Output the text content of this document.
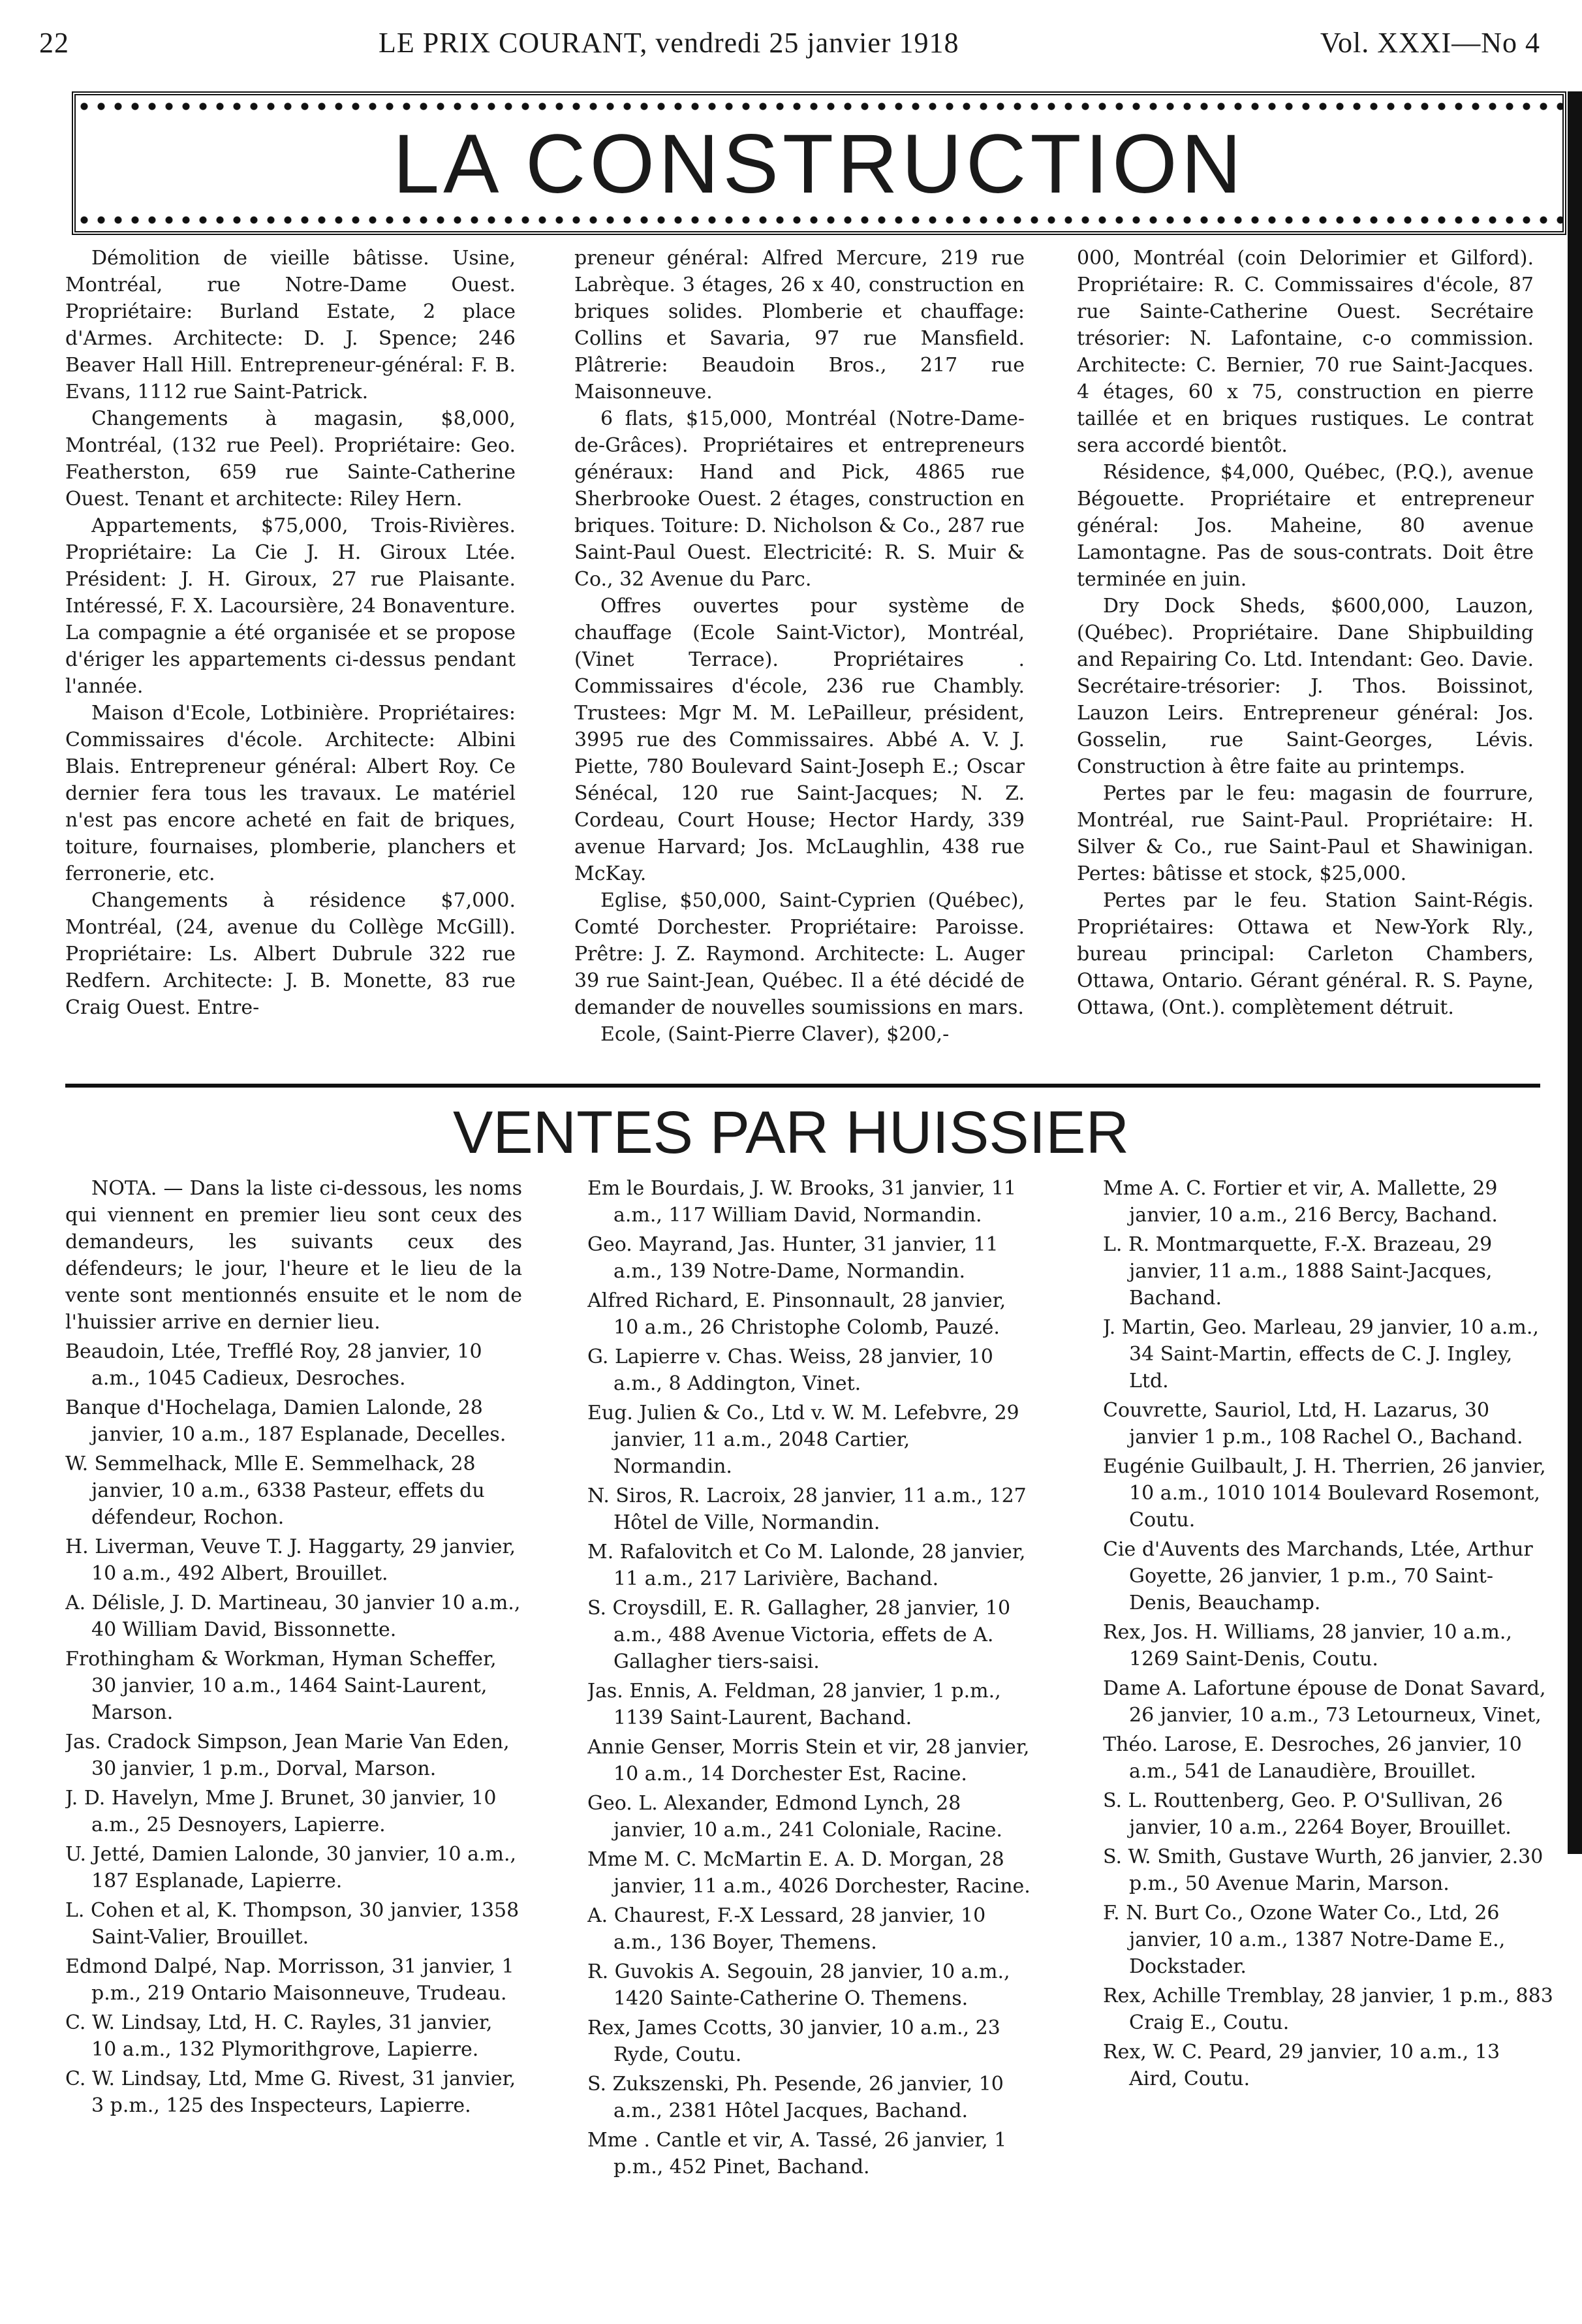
22	LE PRIX COURANT, vendredi 25 janvier 1918	Vol. XXXI—No 4
LA CONSTRUCTION

Démolition de vieille bâtisse. Usine, Montréal, rue Notre-Dame Ouest. Propriétaire: Burland Estate, 2 place d'Armes. Architecte: D. J. Spence; 246 Beaver Hall Hill. Entrepreneur-général: F. B. Evans, 1112 rue Saint-Patrick.

Changements à magasin, $8,000, Montréal, (132 rue Peel). Propriétaire: Geo. Featherston, 659 rue Sainte-Catherine Ouest. Tenant et architecte: Riley Hern.

Appartements, $75,000, Trois-Rivières. Propriétaire: La Cie J. H. Giroux Ltée. Président: J. H. Giroux, 27 rue Plaisante. Intéressé, F. X. Lacoursière, 24 Bonaventure. La compagnie a été organisée et se propose d'ériger les appartements ci-dessus pendant l'année.

Maison d'Ecole, Lotbinière. Propriétaires: Commissaires d'école. Architecte: Albini Blais. Entrepreneur général: Albert Roy. Ce dernier fera tous les travaux. Le matériel n'est pas encore acheté en fait de briques, toiture, fournaises, plomberie, planchers et ferronerie, etc.

Changements à résidence $7,000. Montréal, (24, avenue du Collège McGill). Propriétaire: Ls. Albert Dubrule 322 rue Redfern. Architecte: J. B. Monette, 83 rue Craig Ouest. Entre-

preneur général: Alfred Mercure, 219 rue Labrèque. 3 étages, 26 x 40, construction en briques solides. Plomberie et chauffage: Collins et Savaria, 97 rue Mansfield. Plâtrerie: Beaudoin Bros., 217 rue Maisonneuve.

6 flats, $15,000, Montréal (Notre-Dame-de-Grâces). Propriétaires et entrepreneurs généraux: Hand and Pick, 4865 rue Sherbrooke Ouest. 2 étages, construction en briques. Toiture: D. Nicholson & Co., 287 rue Saint-Paul Ouest. Electricité: R. S. Muir & Co., 32 Avenue du Parc.

Offres ouvertes pour système de chauffage (Ecole Saint-Victor), Montréal, (Vinet Terrace). Propriétaires . Commissaires d'école, 236 rue Chambly. Trustees: Mgr M. M. LePailleur, président, 3995 rue des Commissaires. Abbé A. V. J. Piette, 780 Boulevard Saint-Joseph E.; Oscar Sénécal, 120 rue Saint-Jacques; N. Z. Cordeau, Court House; Hector Hardy, 339 avenue Harvard; Jos. McLaughlin, 438 rue McKay.

Eglise, $50,000, Saint-Cyprien (Québec), Comté Dorchester. Propriétaire: Paroisse. Prêtre: J. Z. Raymond. Architecte: L. Auger 39 rue Saint-Jean, Québec. Il a été décidé de demander de nouvelles soumissions en mars.

Ecole, (Saint-Pierre Claver), $200,-

000, Montréal (coin Delorimier et Gilford). Propriétaire: R. C. Commissaires d'école, 87 rue Sainte-Catherine Ouest. Secrétaire trésorier: N. Lafontaine, c-o commission. Architecte: C. Bernier, 70 rue Saint-Jacques. 4 étages, 60 x 75, construction en pierre taillée et en briques rustiques. Le contrat sera accordé bientôt.

Résidence, $4,000, Québec, (P.Q.), avenue Bégouette. Propriétaire et entrepreneur général: Jos. Maheine, 80 avenue Lamontagne. Pas de sous-contrats. Doit être terminée en juin.

Dry Dock Sheds, $600,000, Lauzon, (Québec). Propriétaire. Dane Shipbuilding and Repairing Co. Ltd. Intendant: Geo. Davie. Secrétaire-trésorier: J. Thos. Boissinot, Lauzon Leirs. Entrepreneur général: Jos. Gosselin, rue Saint-Georges, Lévis. Construction à être faite au printemps.

Pertes par le feu: magasin de fourrure, Montréal, rue Saint-Paul. Propriétaire: H. Silver & Co., rue Saint-Paul et Shawinigan. Pertes: bâtisse et stock, $25,000.

Pertes par le feu. Station Saint-Régis. Propriétaires: Ottawa et New-York Rly., bureau principal: Carleton Chambers, Ottawa, Ontario. Gérant général. R. S. Payne, Ottawa, (Ont.). complètement détruit.

VENTES PAR HUISSIER

NOTA. — Dans la liste ci-dessous, les noms qui viennent en premier lieu sont ceux des demandeurs, les suivants ceux des défendeurs; le jour, l'heure et le lieu de la vente sont mentionnés ensuite et le nom de l'huissier arrive en dernier lieu.

Beaudoin, Ltée, Trefflé Roy, 28 janvier, 10 a.m., 1045 Cadieux, Desroches.

Banque d'Hochelaga, Damien Lalonde, 28 janvier, 10 a.m., 187 Esplanade, Decelles.

W. Semmelhack, Mlle E. Semmelhack, 28 janvier, 10 a.m., 6338 Pasteur, effets du défendeur, Rochon.

H. Liverman, Veuve T. J. Haggarty, 29 janvier, 10 a.m., 492 Albert, Brouillet.

A. Délisle, J. D. Martineau, 30 janvier 10 a.m., 40 William David, Bissonnette.

Frothingham & Workman, Hyman Scheffer, 30 janvier, 10 a.m., 1464 Saint-Laurent, Marson.

Jas. Cradock Simpson, Jean Marie Van Eden, 30 janvier, 1 p.m., Dorval, Marson.

J. D. Havelyn, Mme J. Brunet, 30 janvier, 10 a.m., 25 Desnoyers, Lapierre.

U. Jetté, Damien Lalonde, 30 janvier, 10 a.m., 187 Esplanade, Lapierre.

L. Cohen et al, K. Thompson, 30 janvier, 1358 Saint-Valier, Brouillet.

Edmond Dalpé, Nap. Morrisson, 31 janvier, 1 p.m., 219 Ontario Maisonneuve, Trudeau.

C. W. Lindsay, Ltd, H. C. Rayles, 31 janvier, 10 a.m., 132 Plymorithgrove, Lapierre.

C. W. Lindsay, Ltd, Mme G. Rivest, 31 janvier, 3 p.m., 125 des Inspecteurs, Lapierre.

Em le Bourdais, J. W. Brooks, 31 janvier, 11 a.m., 117 William David, Normandin.

Geo. Mayrand, Jas. Hunter, 31 janvier, 11 a.m., 139 Notre-Dame, Normandin.

Alfred Richard, E. Pinsonnault, 28 janvier, 10 a.m., 26 Christophe Colomb, Pauzé.

G. Lapierre v. Chas. Weiss, 28 janvier, 10 a.m., 8 Addington, Vinet.

Eug. Julien & Co., Ltd v. W. M. Lefebvre, 29 janvier, 11 a.m., 2048 Cartier, Normandin.

N. Siros, R. Lacroix, 28 janvier, 11 a.m., 127 Hôtel de Ville, Normandin.

M. Rafalovitch et Co M. Lalonde, 28 janvier, 11 a.m., 217 Larivière, Bachand.

S. Croysdill, E. R. Gallagher, 28 janvier, 10 a.m., 488 Avenue Victoria, effets de A. Gallagher tiers-saisi.

Jas. Ennis, A. Feldman, 28 janvier, 1 p.m., 1139 Saint-Laurent, Bachand.

Annie Genser, Morris Stein et vir, 28 janvier, 10 a.m., 14 Dorchester Est, Racine.

Geo. L. Alexander, Edmond Lynch, 28 janvier, 10 a.m., 241 Coloniale, Racine.

Mme M. C. McMartin E. A. D. Morgan, 28 janvier, 11 a.m., 4026 Dorchester, Racine.

A. Chaurest, F.-X Lessard, 28 janvier, 10 a.m., 136 Boyer, Themens.

R. Guvokis A. Segouin, 28 janvier, 10 a.m., 1420 Sainte-Catherine O. Themens.

Rex, James Ccotts, 30 janvier, 10 a.m., 23 Ryde, Coutu.

S. Zukszenski, Ph. Pesende, 26 janvier, 10 a.m., 2381 Hôtel Jacques, Bachand.

Mme . Cantle et vir, A. Tassé, 26 janvier, 1 p.m., 452 Pinet, Bachand.

Mme A. C. Fortier et vir, A. Mallette, 29 janvier, 10 a.m., 216 Bercy, Bachand.

L. R. Montmarquette, F.-X. Brazeau, 29 janvier, 11 a.m., 1888 Saint-Jacques, Bachand.

J. Martin, Geo. Marleau, 29 janvier, 10 a.m., 34 Saint-Martin, effects de C. J. Ingley, Ltd.

Couvrette, Sauriol, Ltd, H. Lazarus, 30 janvier 1 p.m., 108 Rachel O., Bachand.

Eugénie Guilbault, J. H. Therrien, 26 janvier, 10 a.m., 1010 1014 Boulevard Rosemont, Coutu.

Cie d'Auvents des Marchands, Ltée, Arthur Goyette, 26 janvier, 1 p.m., 70 Saint-Denis, Beauchamp.

Rex, Jos. H. Williams, 28 janvier, 10 a.m., 1269 Saint-Denis, Coutu.

Dame A. Lafortune épouse de Donat Savard, 26 janvier, 10 a.m., 73 Letourneux, Vinet,

Théo. Larose, E. Desroches, 26 janvier, 10 a.m., 541 de Lanaudière, Brouillet.

S. L. Routtenberg, Geo. P. O'Sullivan, 26 janvier, 10 a.m., 2264 Boyer, Brouillet.

S. W. Smith, Gustave Wurth, 26 janvier, 2.30 p.m., 50 Avenue Marin, Marson.

F. N. Burt Co., Ozone Water Co., Ltd, 26 janvier, 10 a.m., 1387 Notre-Dame E., Dockstader.

Rex, Achille Tremblay, 28 janvier, 1 p.m., 883 Craig E., Coutu.

Rex, W. C. Peard, 29 janvier, 10 a.m., 13 Aird, Coutu.
